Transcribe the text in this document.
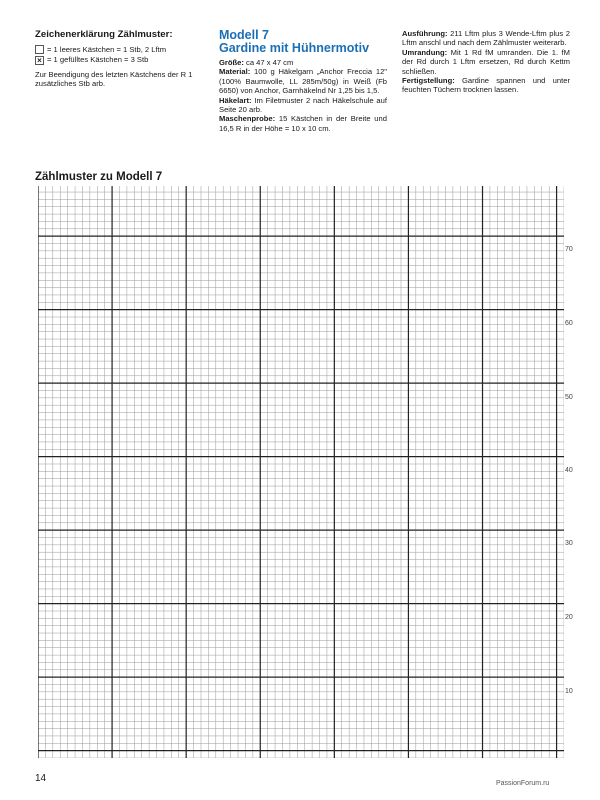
Zeichenerklärung Zählmuster:
= 1 leeres Kästchen = 1 Stb, 2 Lftm
× = 1 gefülltes Kästchen = 3 Stb
Zur Beendigung des letzten Kästchens der R 1 zusätzliches Stb arb.
Modell 7
Gardine mit Hühnermotiv
Größe: ca 47 x 47 cm
Material: 100 g Häkelgarn „Anchor Freccia 12" (100% Baumwolle, LL 285m/50g) in Weiß (Fb 6650) von Anchor, Garnhäkelnd Nr 1,25 bis 1,5.
Häkelart: Im Filetmuster 2 nach Häkelschule auf Seite 20 arb.
Maschenprobe: 15 Kästchen in der Breite und 16,5 R in der Höhe = 10 x 10 cm.
Ausführung: 211 Lftm plus 3 Wende-Lftm plus 2 Lftm anschl und nach dem Zählmuster weiterarb.
Umrandung: Mit 1 Rd fM umranden. Die 1. fM der Rd durch 1 Lftm ersetzen, Rd durch Kettm schließen.
Fertigstellung: Gardine spannen und unter feuchten Tüchern trocknen lassen.
Zählmuster zu Modell 7
70
60
50
40
30
20
10
14	PassionForum.ru
